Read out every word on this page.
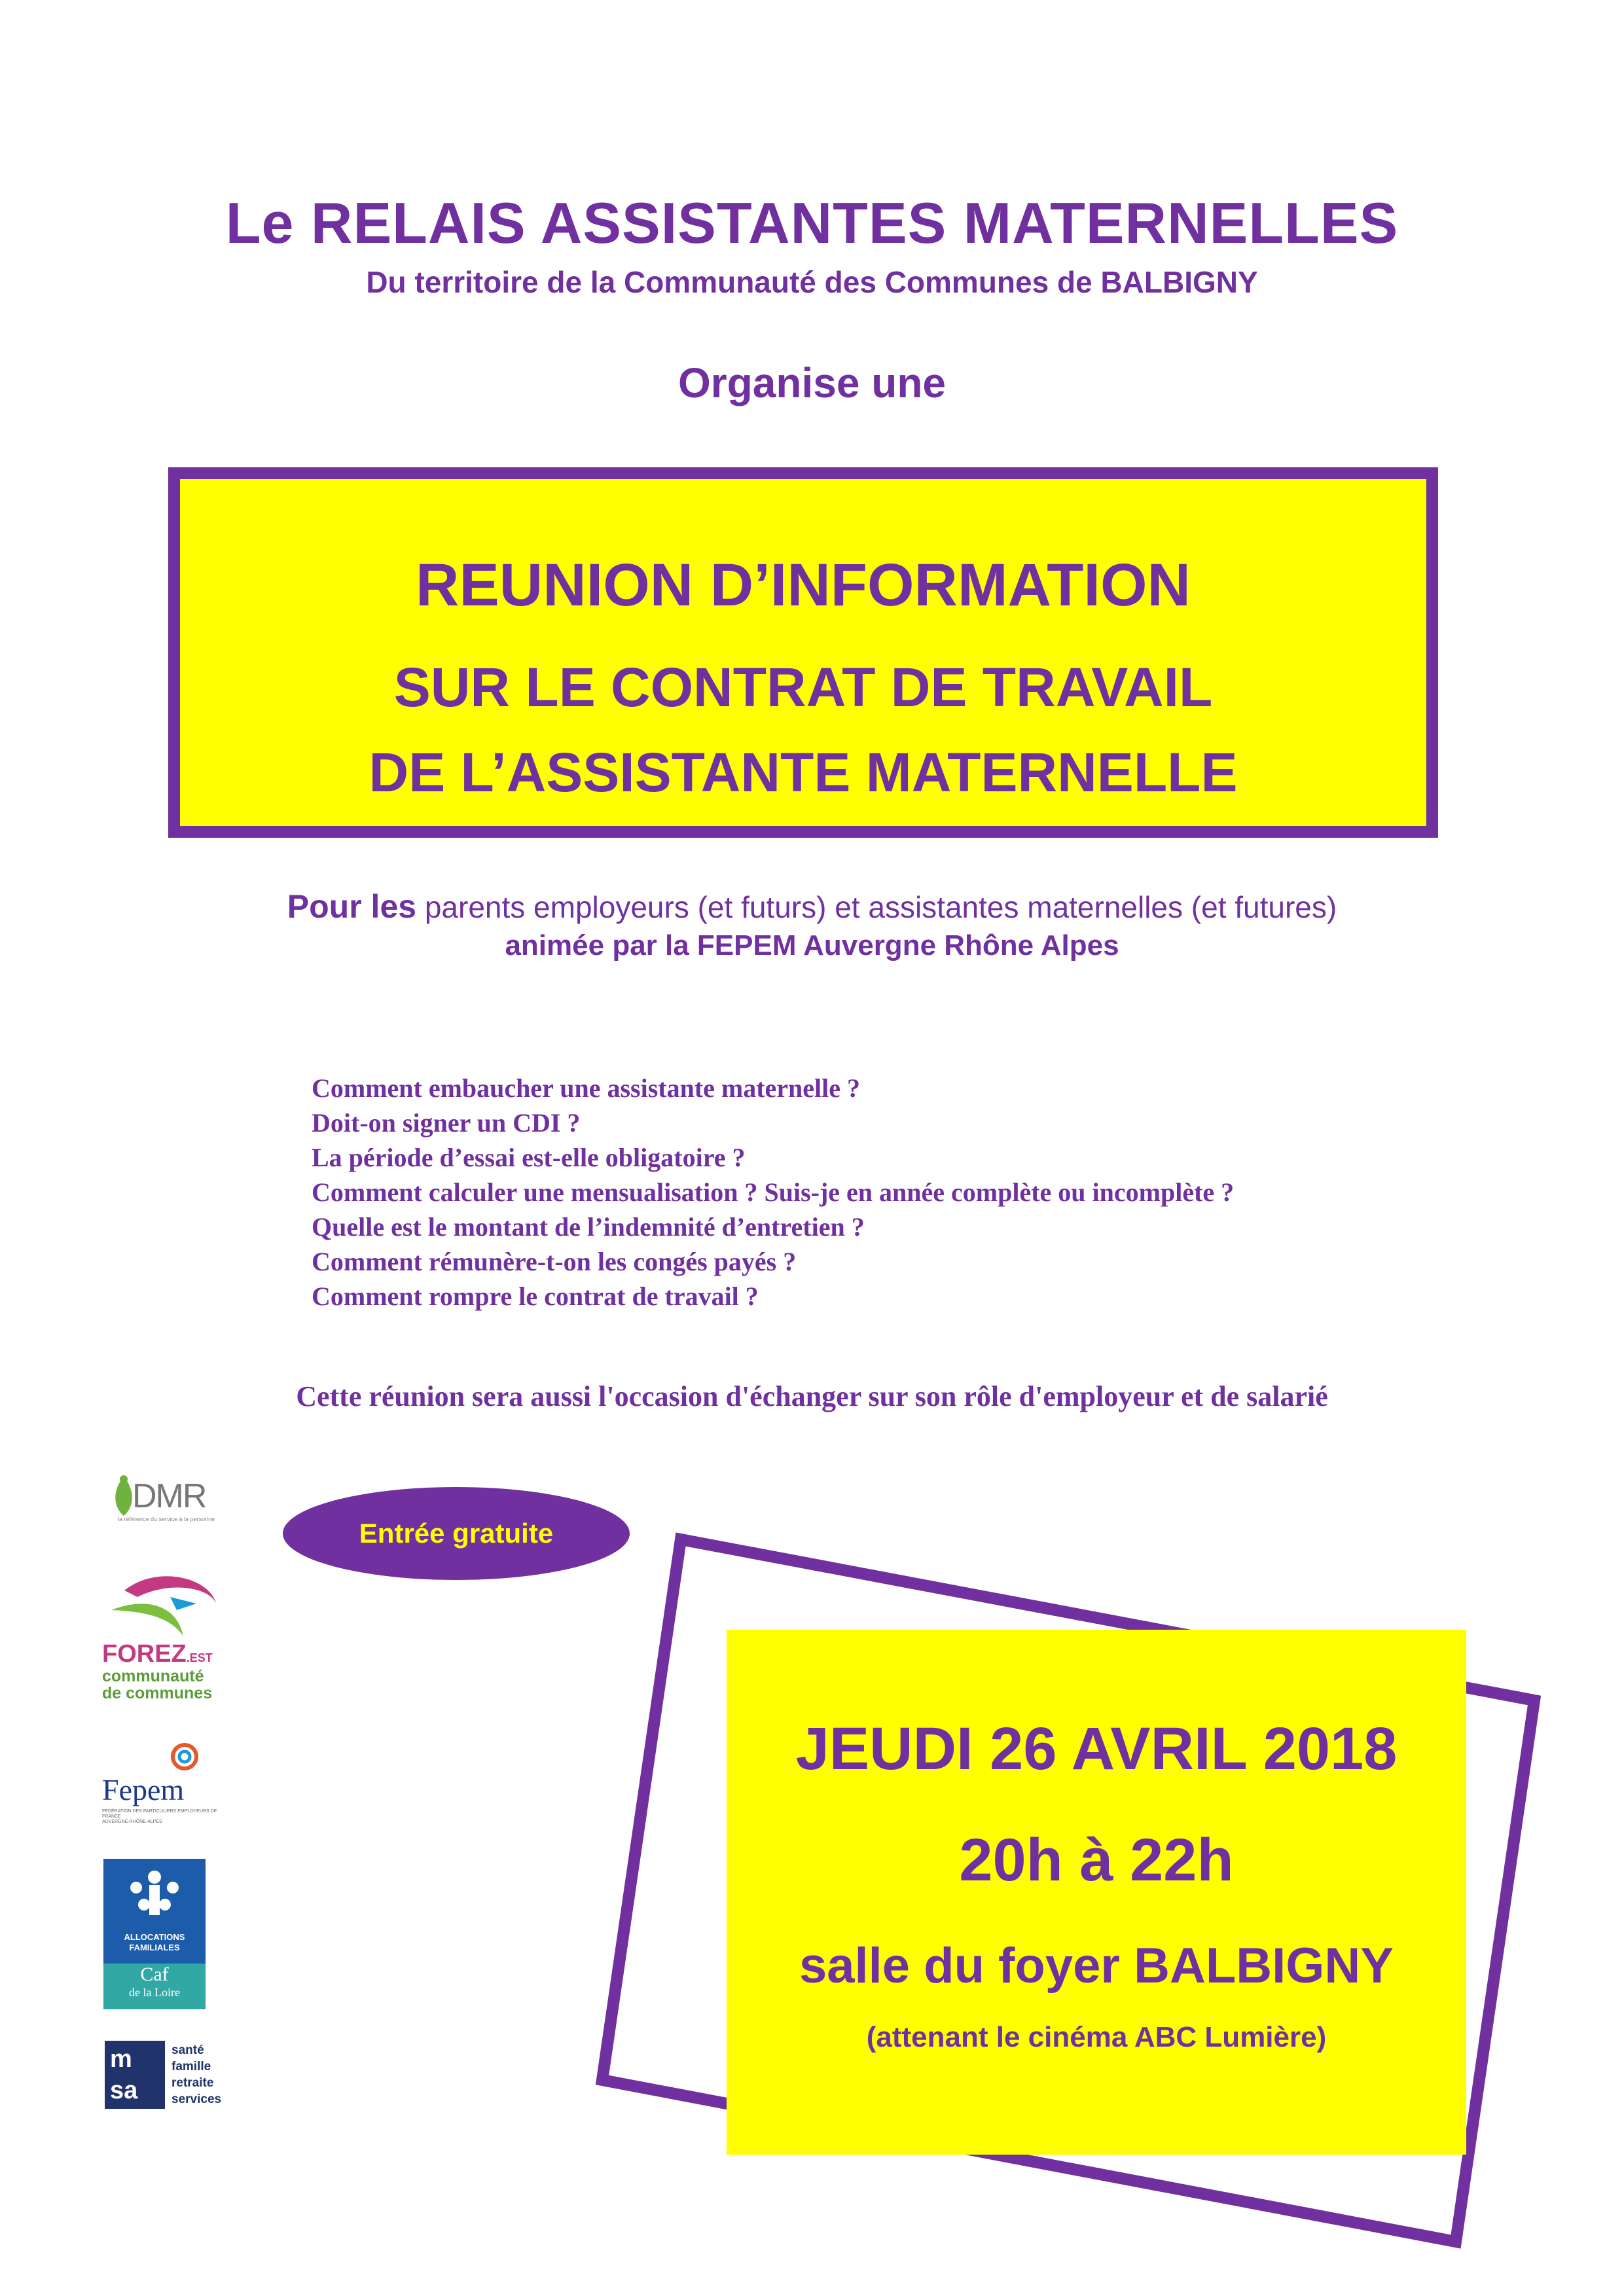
Le RELAIS ASSISTANTES MATERNELLES
Du territoire de la Communauté des Communes de BALBIGNY
Organise une
REUNION D’INFORMATION
SUR LE CONTRAT DE TRAVAIL
DE L’ASSISTANTE MATERNELLE
Pour les parents employeurs (et futurs) et assistantes maternelles (et futures)
animée par la FEPEM Auvergne Rhône Alpes
Comment embaucher une assistante maternelle ?
Doit-on signer un CDI ?
La période d’essai est-elle obligatoire ?
Comment calculer une mensualisation ? Suis-je en année complète ou incomplète ?
Quelle est le montant de l’indemnité d’entretien ?
Comment rémunère-t-on les congés payés ?
Comment rompre le contrat de travail ?
Cette réunion sera aussi l'occasion d'échanger sur son rôle d'employeur et de salarié
Entrée gratuite
JEUDI 26 AVRIL 2018
20h à 22h
salle du foyer BALBIGNY
(attenant le cinéma ABC Lumière)
DMR
la référence du service à la personne
FOREZ.EST
communauté
de communes
Fepem
FÉDÉRATION DES PARTICULIERS EMPLOYEURS DE FRANCE
AUVERGNE-RHÔNE-ALPES
ALLOCATIONS
FAMILIALES
Caf
de la Loire
m
sa
santé
famille
retraite
services
